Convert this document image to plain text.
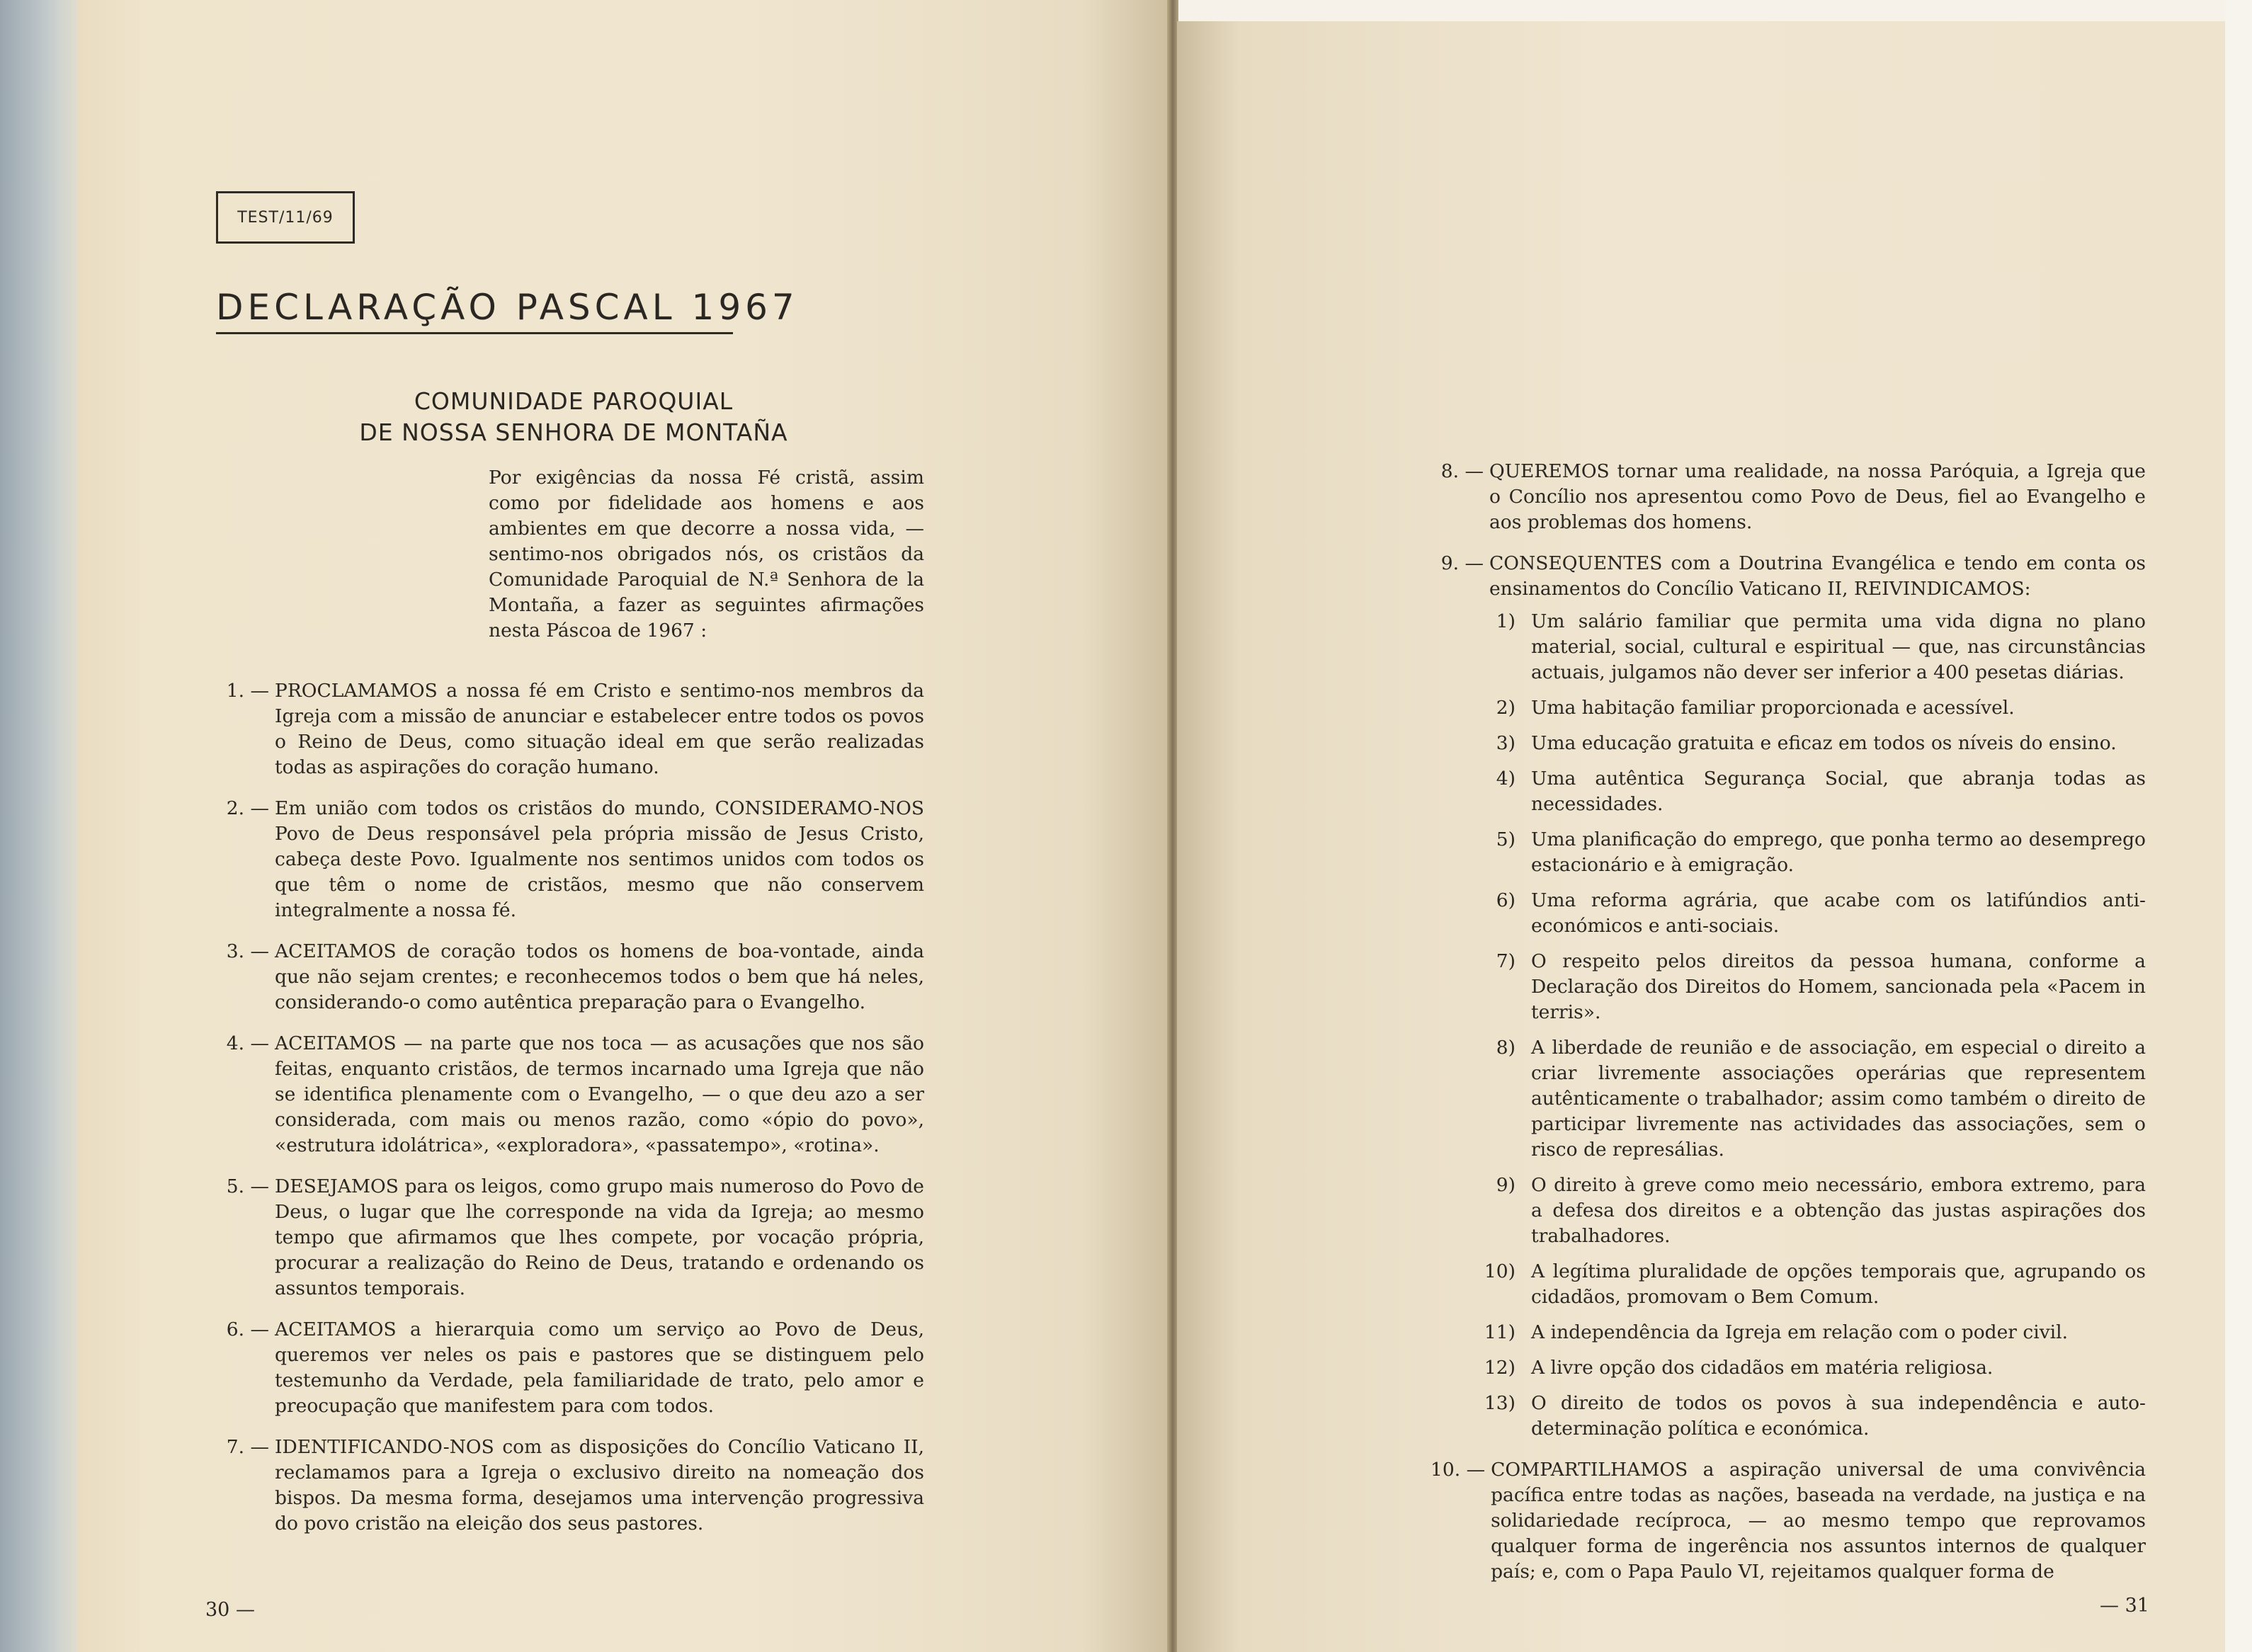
TEST/11/69
DECLARAÇÃO PASCAL 1967
COMUNIDADE PAROQUIAL
DE NOSSA SENHORA DE MONTAÑA
Por exigências da nossa Fé cristã, assim como por fidelidade aos homens e aos ambientes em que decorre a nossa vida, — sentimo-nos obrigados nós, os cristãos da Comunidade Paroquial de N.ª Senhora de la Montaña, a fazer as seguintes afirmações nesta Páscoa de 1967 :
1. — PROCLAMAMOS a nossa fé em Cristo e sentimo-nos membros da Igreja com a missão de anunciar e estabelecer entre todos os povos o Reino de Deus, como situação ideal em que serão realizadas todas as aspirações do coração humano.
2. — Em união com todos os cristãos do mundo, CONSIDERAMO-NOS Povo de Deus responsável pela própria missão de Jesus Cristo, cabeça deste Povo. Igualmente nos sentimos unidos com todos os que têm o nome de cristãos, mesmo que não conservem integralmente a nossa fé.
3. — ACEITAMOS de coração todos os homens de boa-vontade, ainda que não sejam crentes; e reconhecemos todos o bem que há neles, considerando-o como autêntica preparação para o Evangelho.
4. — ACEITAMOS — na parte que nos toca — as acusações que nos são feitas, enquanto cristãos, de termos incarnado uma Igreja que não se identifica plenamente com o Evangelho, — o que deu azo a ser considerada, com mais ou menos razão, como «ópio do povo», «estrutura idolátrica», «exploradora», «passatempo», «rotina».
5. — DESEJAMOS para os leigos, como grupo mais numeroso do Povo de Deus, o lugar que lhe corresponde na vida da Igreja; ao mesmo tempo que afirmamos que lhes compete, por vocação própria, procurar a realização do Reino de Deus, tratando e ordenando os assuntos temporais.
6. — ACEITAMOS a hierarquia como um serviço ao Povo de Deus, queremos ver neles os pais e pastores que se distinguem pelo testemunho da Verdade, pela familiaridade de trato, pelo amor e preocupação que manifestem para com todos.
7. — IDENTIFICANDO-NOS com as disposições do Concílio Vaticano II, reclamamos para a Igreja o exclusivo direito na nomeação dos bispos. Da mesma forma, desejamos uma intervenção progressiva do povo cristão na eleição dos seus pastores.
30 —
8. — QUEREMOS tornar uma realidade, na nossa Paróquia, a Igreja que o Concílio nos apresentou como Povo de Deus, fiel ao Evangelho e aos problemas dos homens.
9. — CONSEQUENTES com a Doutrina Evangélica e tendo em conta os ensinamentos do Concílio Vaticano II, REIVINDICAMOS:
1) Um salário familiar que permita uma vida digna no plano material, social, cultural e espiritual — que, nas circunstâncias actuais, julgamos não dever ser inferior a 400 pesetas diárias.
2) Uma habitação familiar proporcionada e acessível.
3) Uma educação gratuita e eficaz em todos os níveis do ensino.
4) Uma autêntica Segurança Social, que abranja todas as necessidades.
5) Uma planificação do emprego, que ponha termo ao desemprego estacionário e à emigração.
6) Uma reforma agrária, que acabe com os latifúndios anti-económicos e anti-sociais.
7) O respeito pelos direitos da pessoa humana, conforme a Declaração dos Direitos do Homem, sancionada pela «Pacem in terris».
8) A liberdade de reunião e de associação, em especial o direito a criar livremente associações operárias que representem autênticamente o trabalhador; assim como também o direito de participar livremente nas actividades das associações, sem o risco de represálias.
9) O direito à greve como meio necessário, embora extremo, para a defesa dos direitos e a obtenção das justas aspirações dos trabalhadores.
10) A legítima pluralidade de opções temporais que, agrupando os cidadãos, promovam o Bem Comum.
11) A independência da Igreja em relação com o poder civil.
12) A livre opção dos cidadãos em matéria religiosa.
13) O direito de todos os povos à sua independência e auto-determinação política e económica.
10. — COMPARTILHAMOS a aspiração universal de uma convivência pacífica entre todas as nações, baseada na verdade, na justiça e na solidariedade recíproca, — ao mesmo tempo que reprovamos qualquer forma de ingerência nos assuntos internos de qualquer país; e, com o Papa Paulo VI, rejeitamos qualquer forma de
— 31
